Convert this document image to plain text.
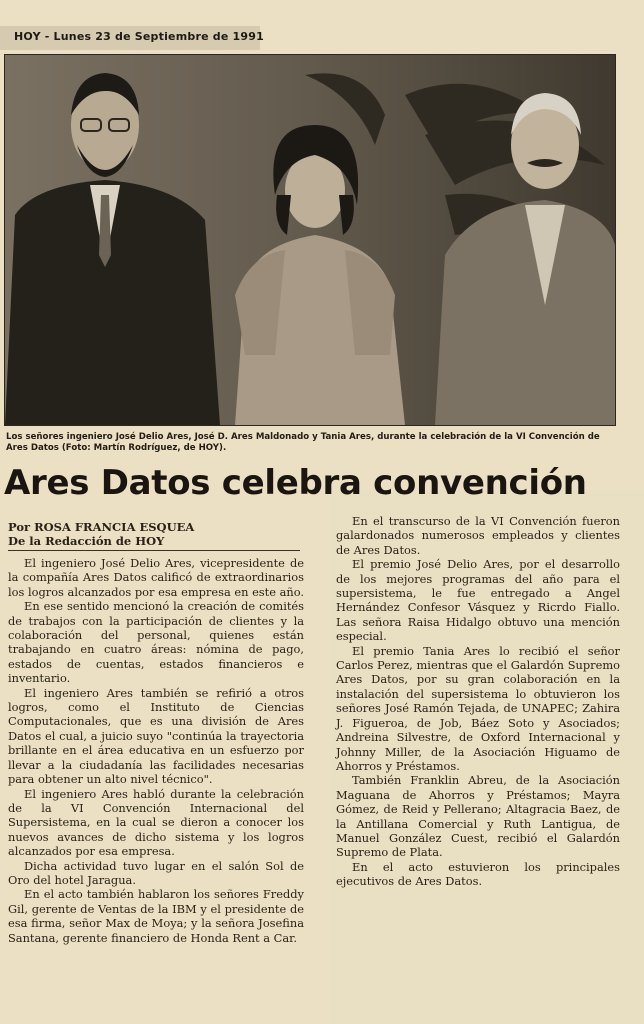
HOY - Lunes 23 de Septiembre de 1991
Los señores ingeniero José Delio Ares, José D. Ares Maldonado y Tania Ares, durante la celebración de la VI Convención de Ares Datos (Foto: Martín Rodríguez, de HOY).
Ares Datos celebra convención
Por ROSA FRANCIA ESQUEA
De la Redacción de HOY

El ingeniero José Delio Ares, vicepresidente de la compañía Ares Datos calificó de extraordinarios los logros alcanzados por esa empresa en este año.

En ese sentido mencionó la creación de comités de trabajos con la participación de clientes y la colaboración del personal, quienes están trabajando en cuatro áreas: nómina de pago, estados de cuentas, estados financieros e inventario.

El ingeniero Ares también se refirió a otros logros, como el Instituto de Ciencias Computacionales, que es una división de Ares Datos el cual, a juicio suyo "continúa la trayectoria brillante en el área educativa en un esfuerzo por llevar a la ciudadanía las facilidades necesarias para obtener un alto nivel técnico".

El ingeniero Ares habló durante la celebración de la VI Convención Internacional del Supersistema, en la cual se dieron a conocer los nuevos avances de dicho sistema y los logros alcanzados por esa empresa.

Dicha actividad tuvo lugar en el salón Sol de Oro del hotel Jaragua.

En el acto también hablaron los señores Freddy Gil, gerente de Ventas de la IBM y el presidente de esa firma, señor Max de Moya; y la señora Josefina Santana, gerente financiero de Honda Rent a Car.

En el transcurso de la VI Convención fueron galardonados numerosos empleados y clientes de Ares Datos.

El premio José Delio Ares, por el desarrollo de los mejores programas del año para el supersistema, le fue entregado a Angel Hernández Confesor Vásquez y Ricrdo Fiallo. Las señora Raisa Hidalgo obtuvo una mención especial.

El premio Tania Ares lo recibió el señor Carlos Perez, mientras que el Galardón Supremo Ares Datos, por su gran colaboración en la instalación del supersistema lo obtuvieron los señores José Ramón Tejada, de UNAPEC; Zahira J. Figueroa, de Job, Báez Soto y Asociados; Andreina Silvestre, de Oxford Internacional y Johnny Miller, de la Asociación Higuamo de Ahorros y Préstamos.

También Franklin Abreu, de la Asociación Maguana de Ahorros y Préstamos; Mayra Gómez, de Reid y Pellerano; Altagracia Baez, de la Antillana Comercial y Ruth Lantigua, de Manuel González Cuest, recibió el Galardón Supremo de Plata.

En el acto estuvieron los principales ejecutivos de Ares Datos.
